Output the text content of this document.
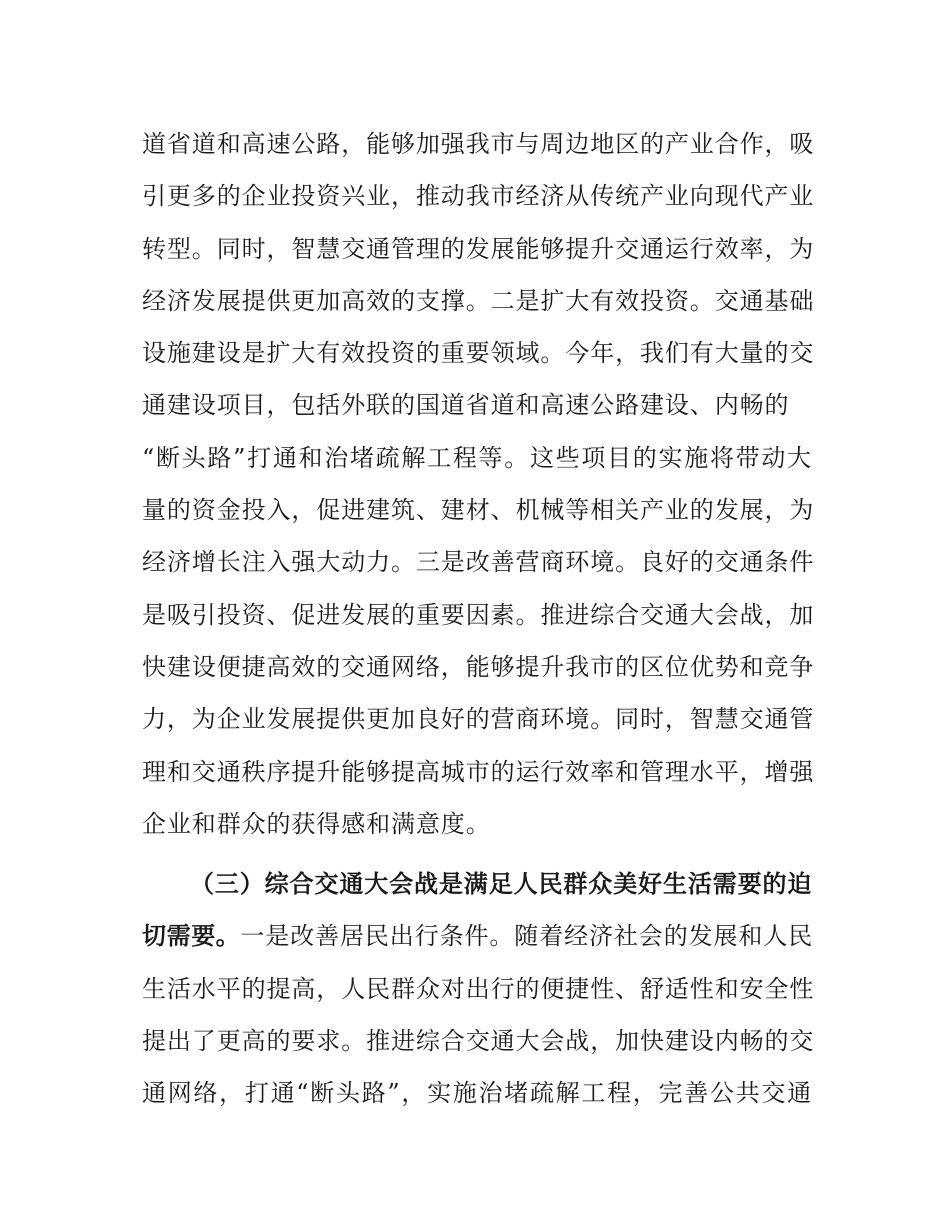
道省道和高速公路，能够加强我市与周边地区的产业合作，吸
引更多的企业投资兴业，推动我市经济从传统产业向现代产业
转型。同时，智慧交通管理的发展能够提升交通运行效率，为
经济发展提供更加高效的支撑。二是扩大有效投资。交通基础
设施建设是扩大有效投资的重要领域。今年，我们有大量的交
通建设项目，包括外联的国道省道和高速公路建设、内畅的
“断头路”打通和治堵疏解工程等。这些项目的实施将带动大
量的资金投入，促进建筑、建材、机械等相关产业的发展，为
经济增长注入强大动力。三是改善营商环境。良好的交通条件
是吸引投资、促进发展的重要因素。推进综合交通大会战，加
快建设便捷高效的交通网络，能够提升我市的区位优势和竞争
力，为企业发展提供更加良好的营商环境。同时，智慧交通管
理和交通秩序提升能够提高城市的运行效率和管理水平，增强
企业和群众的获得感和满意度。
（三）综合交通大会战是满足人民群众美好生活需要的迫
切需要。一是改善居民出行条件。随着经济社会的发展和人民
生活水平的提高，人民群众对出行的便捷性、舒适性和安全性
提出了更高的要求。推进综合交通大会战，加快建设内畅的交
通网络，打通“断头路”，实施治堵疏解工程，完善公共交通
